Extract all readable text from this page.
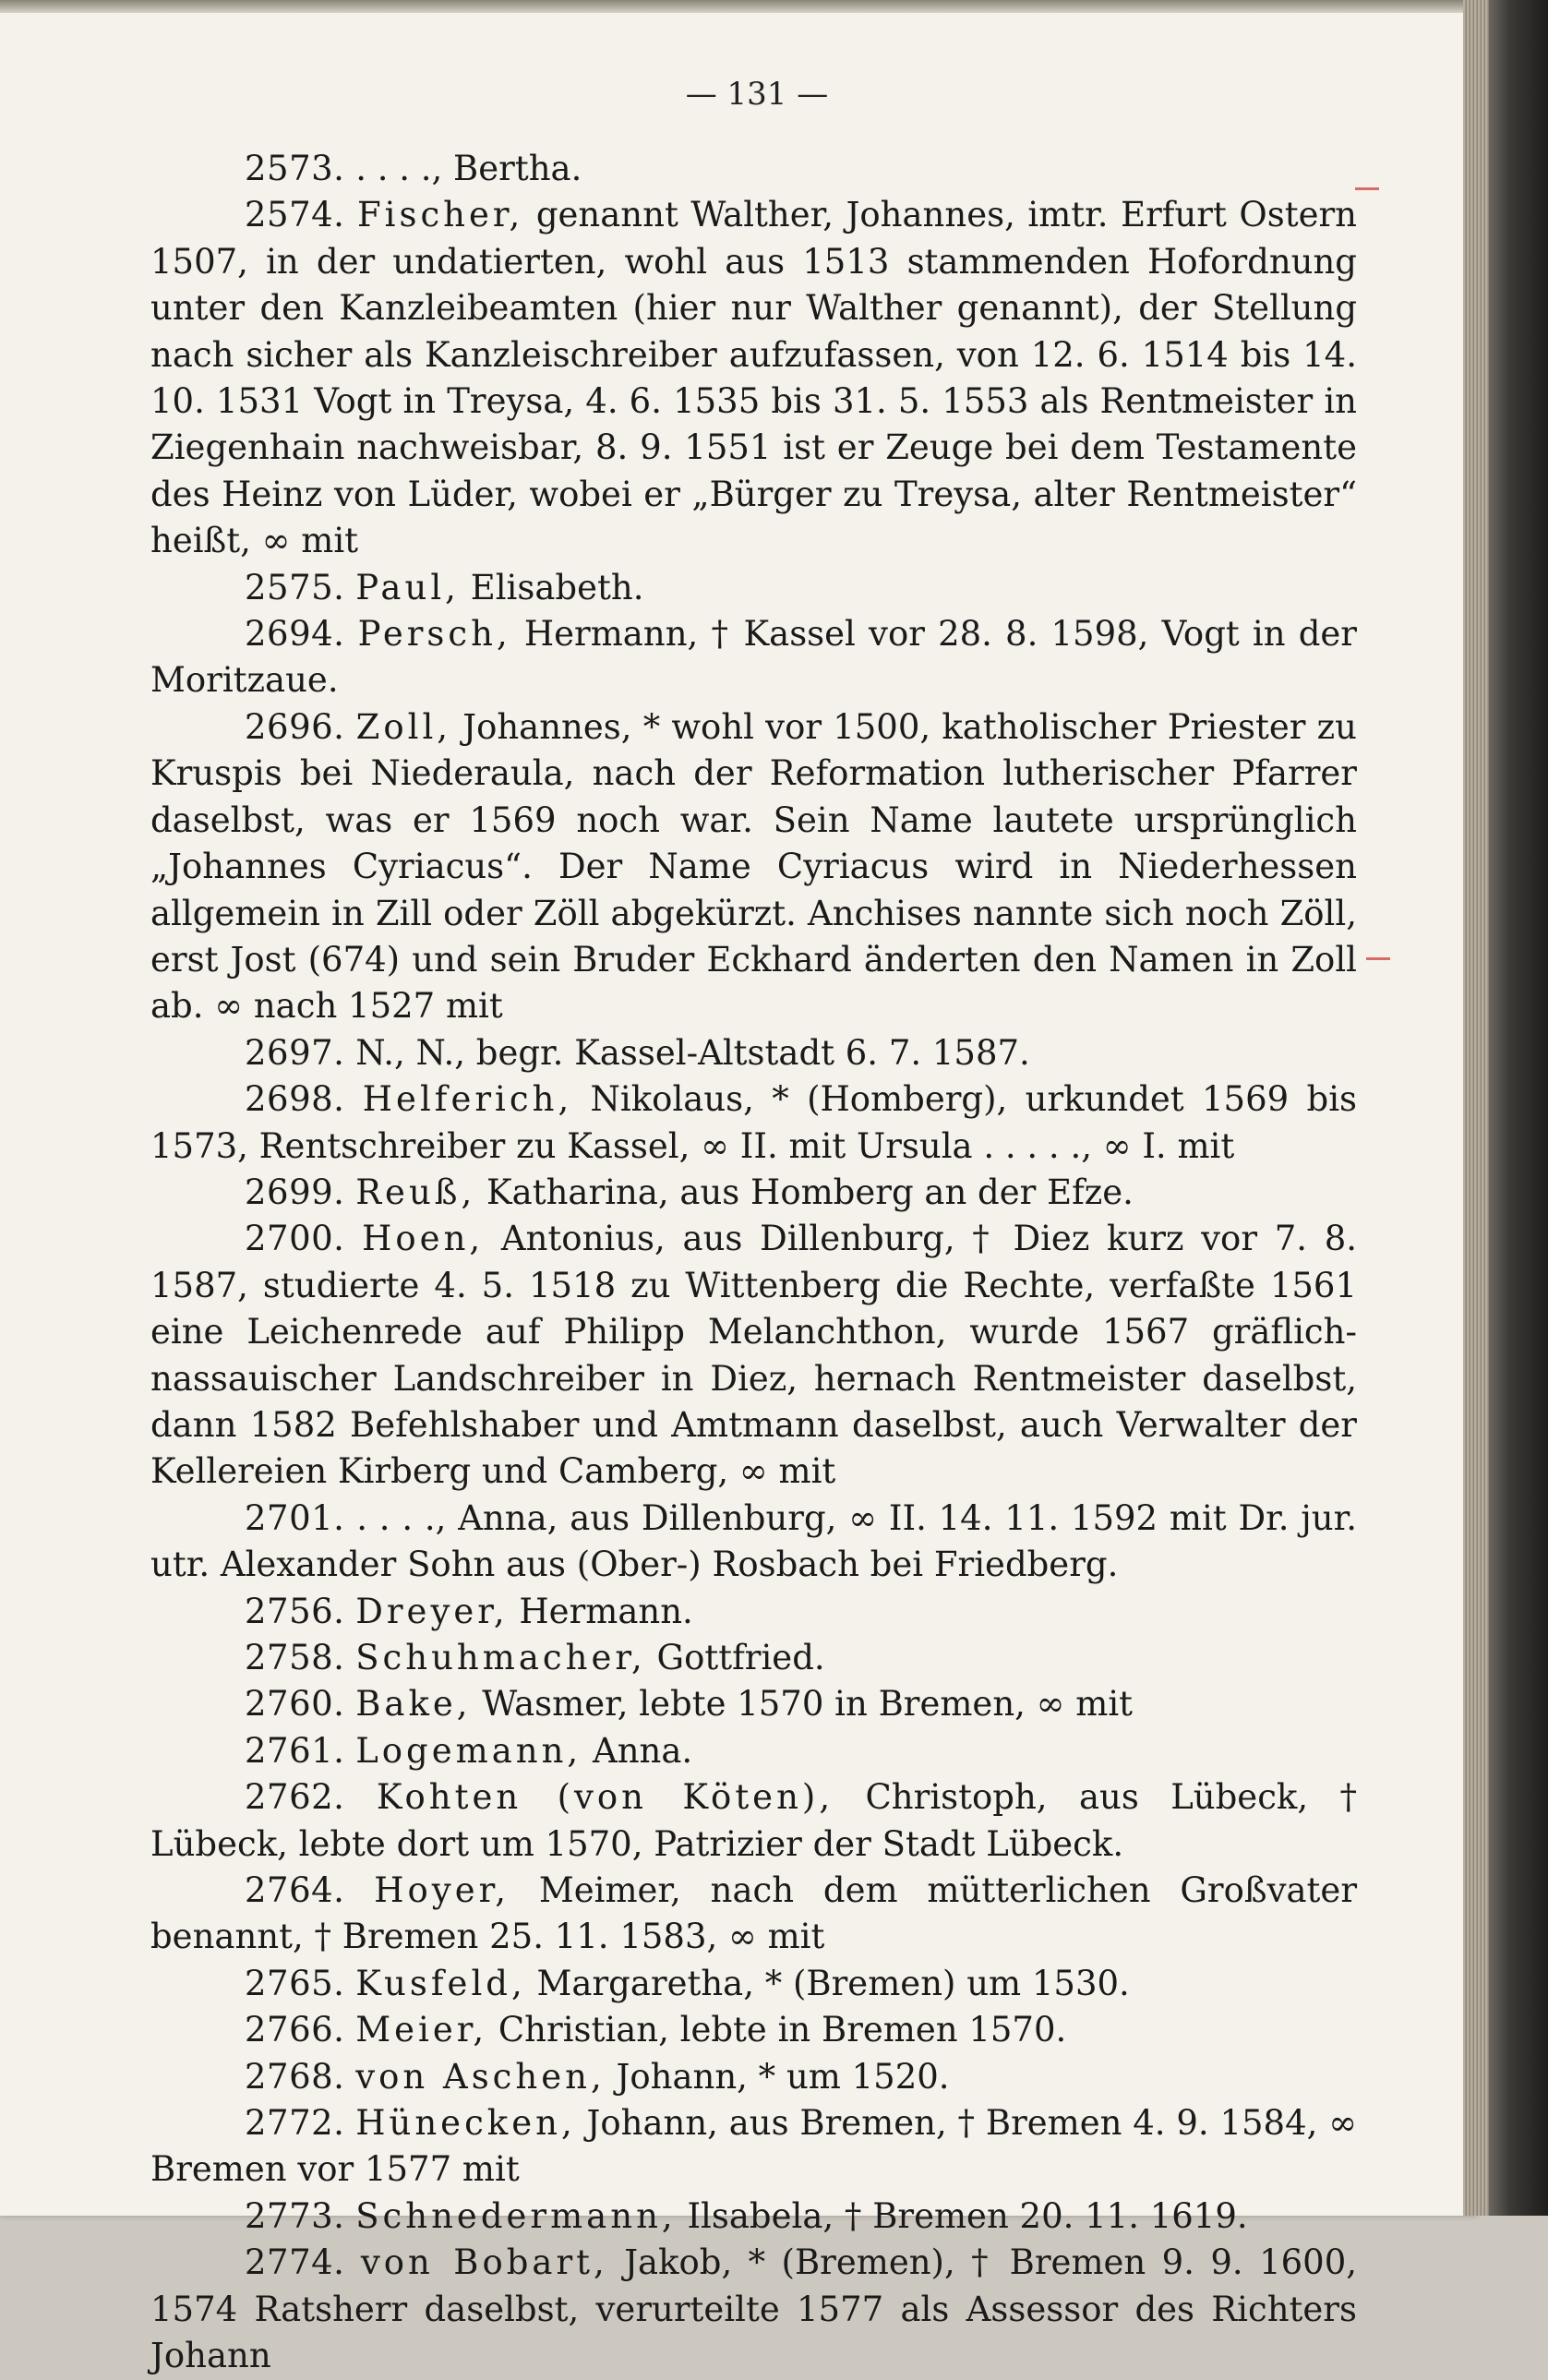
— 131 —

2573. . . . ., Bertha.

2574. Fischer, genannt Walther, Johannes, imtr. Erfurt Ostern 1507, in der undatierten, wohl aus 1513 stammenden Hofordnung unter den Kanzleibeamten (hier nur Walther genannt), der Stellung nach sicher als Kanzleischreiber aufzufassen, von 12. 6. 1514 bis 14. 10. 1531 Vogt in Treysa, 4. 6. 1535 bis 31. 5. 1553 als Rentmeister in Ziegenhain nachweisbar, 8. 9. 1551 ist er Zeuge bei dem Testamente des Heinz von Lüder, wobei er „Bürger zu Treysa, alter Rentmeister“ heißt, ∞ mit

2575. Paul, Elisabeth.

2694. Persch, Hermann, † Kassel vor 28. 8. 1598, Vogt in der Moritzaue.

2696. Zoll, Johannes, * wohl vor 1500, katholischer Priester zu Kruspis bei Niederaula, nach der Reformation lutherischer Pfarrer daselbst, was er 1569 noch war. Sein Name lautete ursprünglich „Johannes Cyriacus“. Der Name Cyriacus wird in Niederhessen allgemein in Zill oder Zöll abgekürzt. Anchises nannte sich noch Zöll, erst Jost (674) und sein Bruder Eckhard änderten den Namen in Zoll ab. ∞ nach 1527 mit

2697. N., N., begr. Kassel-Altstadt 6. 7. 1587.

2698. Helferich, Nikolaus, * (Homberg), urkundet 1569 bis 1573, Rentschreiber zu Kassel, ∞ II. mit Ursula . . . . ., ∞ I. mit

2699. Reuß, Katharina, aus Homberg an der Efze.

2700. Hoen, Antonius, aus Dillenburg, † Diez kurz vor 7. 8. 1587, studierte 4. 5. 1518 zu Wittenberg die Rechte, verfaßte 1561 eine Leichenrede auf Philipp Melanchthon, wurde 1567 gräflich-nassauischer Landschreiber in Diez, hernach Rentmeister daselbst, dann 1582 Befehlshaber und Amtmann daselbst, auch Verwalter der Kellereien Kirberg und Camberg, ∞ mit

2701. . . . ., Anna, aus Dillenburg, ∞ II. 14. 11. 1592 mit Dr. jur. utr. Alexander Sohn aus (Ober-) Rosbach bei Friedberg.

2756. Dreyer, Hermann.

2758. Schuhmacher, Gottfried.

2760. Bake, Wasmer, lebte 1570 in Bremen, ∞ mit

2761. Logemann, Anna.

2762. Kohten (von Köten), Christoph, aus Lübeck, † Lübeck, lebte dort um 1570, Patrizier der Stadt Lübeck.

2764. Hoyer, Meimer, nach dem mütterlichen Großvater benannt, † Bremen 25. 11. 1583, ∞ mit

2765. Kusfeld, Margaretha, * (Bremen) um 1530.

2766. Meier, Christian, lebte in Bremen 1570.

2768. von Aschen, Johann, * um 1520.

2772. Hünecken, Johann, aus Bremen, † Bremen 4. 9. 1584, ∞ Bremen vor 1577 mit

2773. Schnedermann, Ilsabela, † Bremen 20. 11. 1619.

2774. von Bobart, Jakob, * (Bremen), † Bremen 9. 9. 1600, 1574 Ratsherr daselbst, verurteilte 1577 als Assessor des Richters Johann
